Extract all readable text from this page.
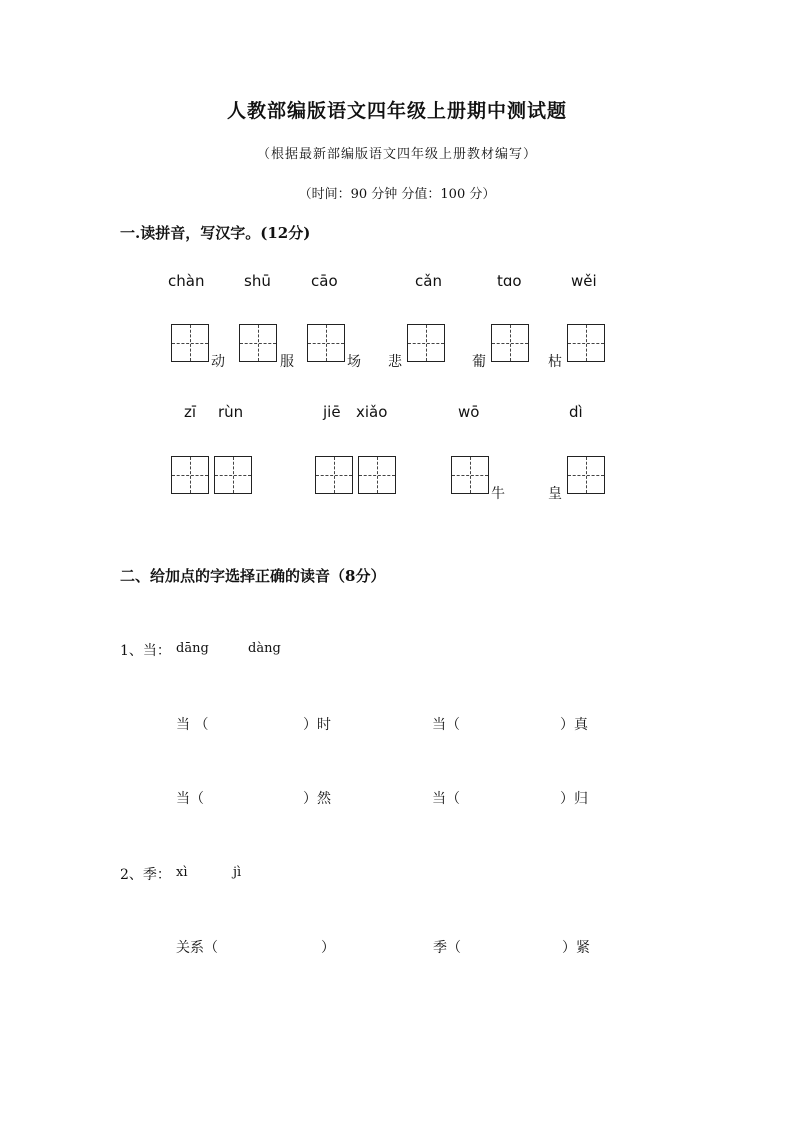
人教部编版语文四年级上册期中测试题
（根据最新部编版语文四年级上册教材编写）
（时间：90 分钟 分值：100 分）
一.读拼音，写汉字。(12分)
chàn	shū	cāo	cǎn	tɑo	wěi
动	服	场 悲	葡	枯
zī rùn	jiē xiǎo	wō	dì
牛	皇
二、给加点的字选择正确的读音（8分）
1、当： dāng	dàng
当 （	）时	当（	）真
当（	）然	当（	）归
2、季： xì	jì
关系（	）	季（	）紧
